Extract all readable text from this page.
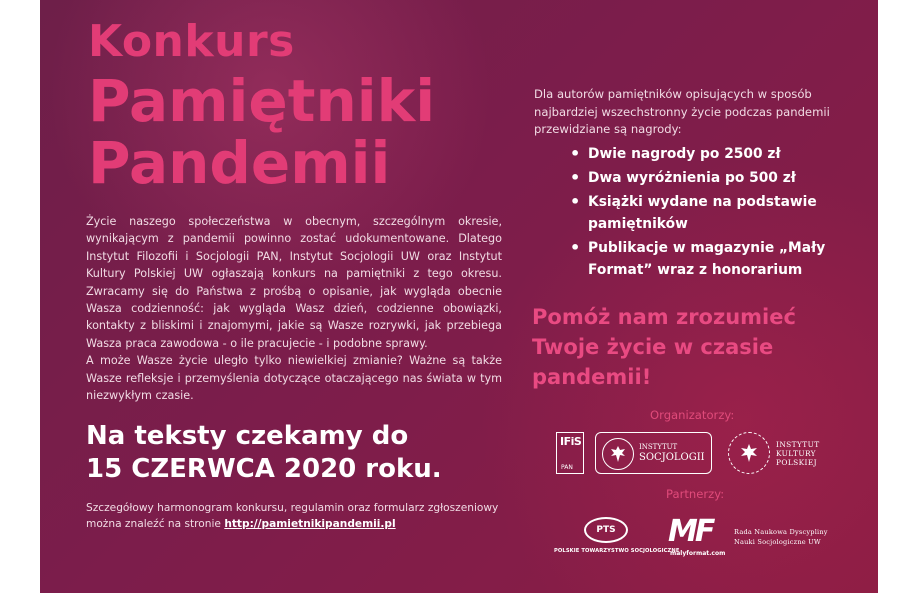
Konkurs
Pamiętniki
Pandemii

Życie naszego społeczeństwa w obecnym, szczególnym okresie, wynikającym z pandemii powinno zostać udokumentowane. Dlatego Instytut Filozofii i Socjologii PAN, Instytut Socjologii UW oraz Instytut Kultury Polskiej UW ogłaszają konkurs na pamiętniki z tego okresu. Zwracamy się do Państwa z prośbą o opisanie, jak wygląda obecnie Wasza codzienność: jak wygląda Wasz dzień, codzienne obowiązki, kontakty z bliskimi i znajomymi, jakie są Wasze rozrywki, jak przebiega Wasza praca zawodowa - o ile pracujecie - i podobne sprawy.

A może Wasze życie uległo tylko niewielkiej zmianie? Ważne są także Wasze refleksje i przemyślenia dotyczące otaczającego nas świata w tym niezwykłym czasie.

Na teksty czekamy do
15 CZERWCA 2020 roku.
Szczegółowy harmonogram konkursu, regulamin oraz formularz zgłoszeniowy można znaleźć na stronie http://pamietnikipandemii.pl
Dla autorów pamiętników opisujących w sposób najbardziej wszechstronny życie podczas pandemii przewidziane są nagrody:
• Dwie nagrody po 2500 zł
• Dwa wyróżnienia po 500 zł
• Książki wydane na podstawie pamiętników
• Publikacje w magazynie „Mały Format” wraz z honorarium
Pomóż nam zrozumieć
Twoje życie w czasie
pandemii!
Organizatorzy:
IFiS
PAN
INSTYTUT
SOCJOLOGII
INSTYTUT
KULTURY
POLSKIEJ
Partnerzy:
PTS
POLSKIE TOWARZYSTWO SOCJOLOGICZNE
MF
malyformat.com
Rada Naukowa Dyscypliny
Nauki Socjologiczne UW
